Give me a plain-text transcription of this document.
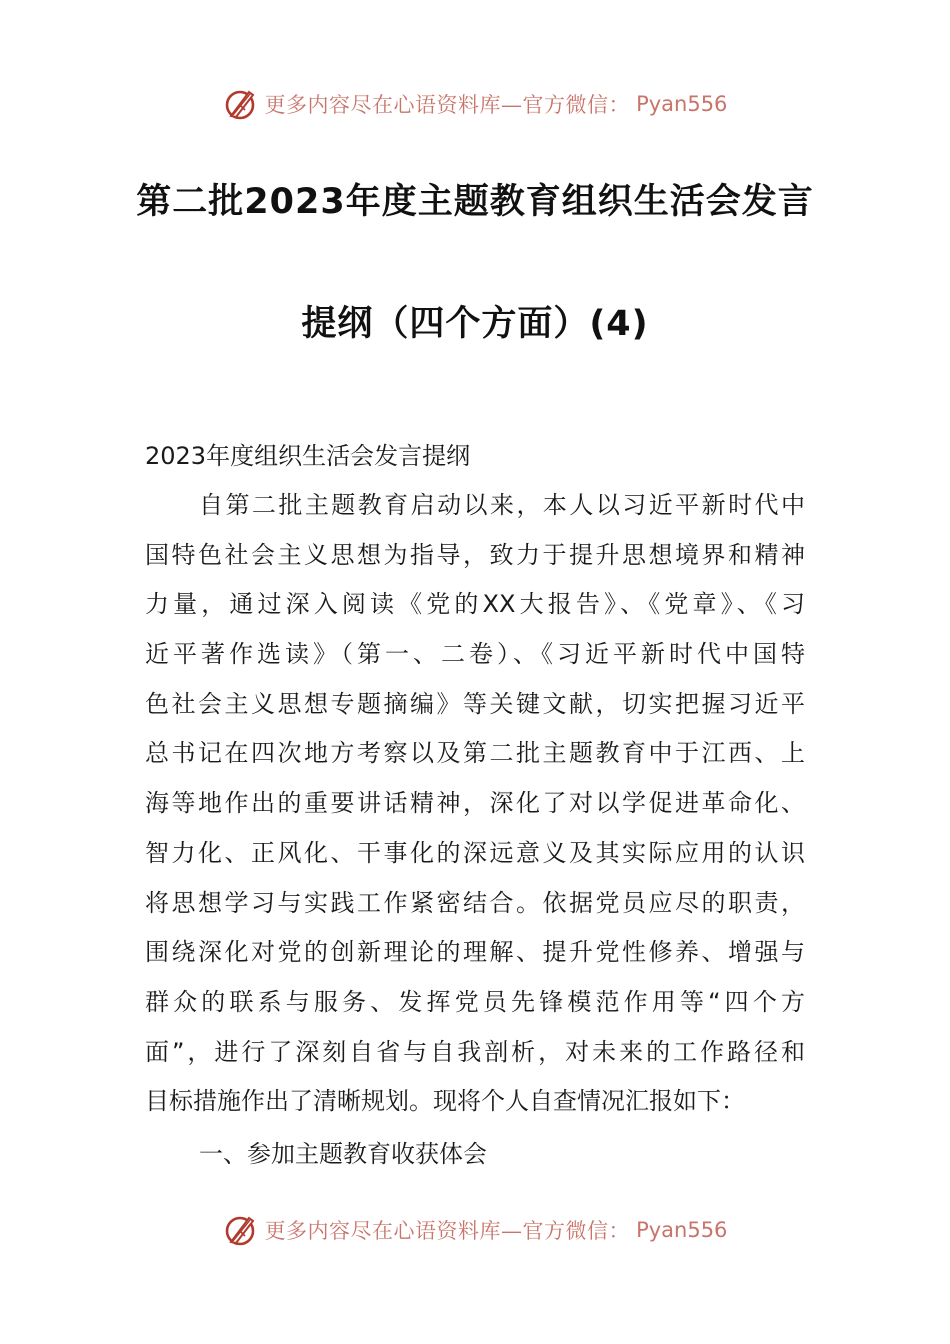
更多内容尽在心语资料库—官方微信： Pyan556
第二批2023年度主题教育组织生活会发言
提纲（四个方面）(4)
2023年度组织生活会发言提纲
自第二批主题教育启动以来，本人以习近平新时代中
国特色社会主义思想为指导，致力于提升思想境界和精神
力量，通过深入阅读《党的XX大报告》、《党章》、《习
近平著作选读》（第一、二卷）、《习近平新时代中国特
色社会主义思想专题摘编》等关键文献，切实把握习近平
总书记在四次地方考察以及第二批主题教育中于江西、上
海等地作出的重要讲话精神，深化了对以学促进革命化、
智力化、正风化、干事化的深远意义及其实际应用的认识
将思想学习与实践工作紧密结合。依据党员应尽的职责，
围绕深化对党的创新理论的理解、提升党性修养、增强与
群众的联系与服务、发挥党员先锋模范作用等“四个方
面”，进行了深刻自省与自我剖析，对未来的工作路径和
目标措施作出了清晰规划。现将个人自查情况汇报如下：
一、参加主题教育收获体会
更多内容尽在心语资料库—官方微信： Pyan556
